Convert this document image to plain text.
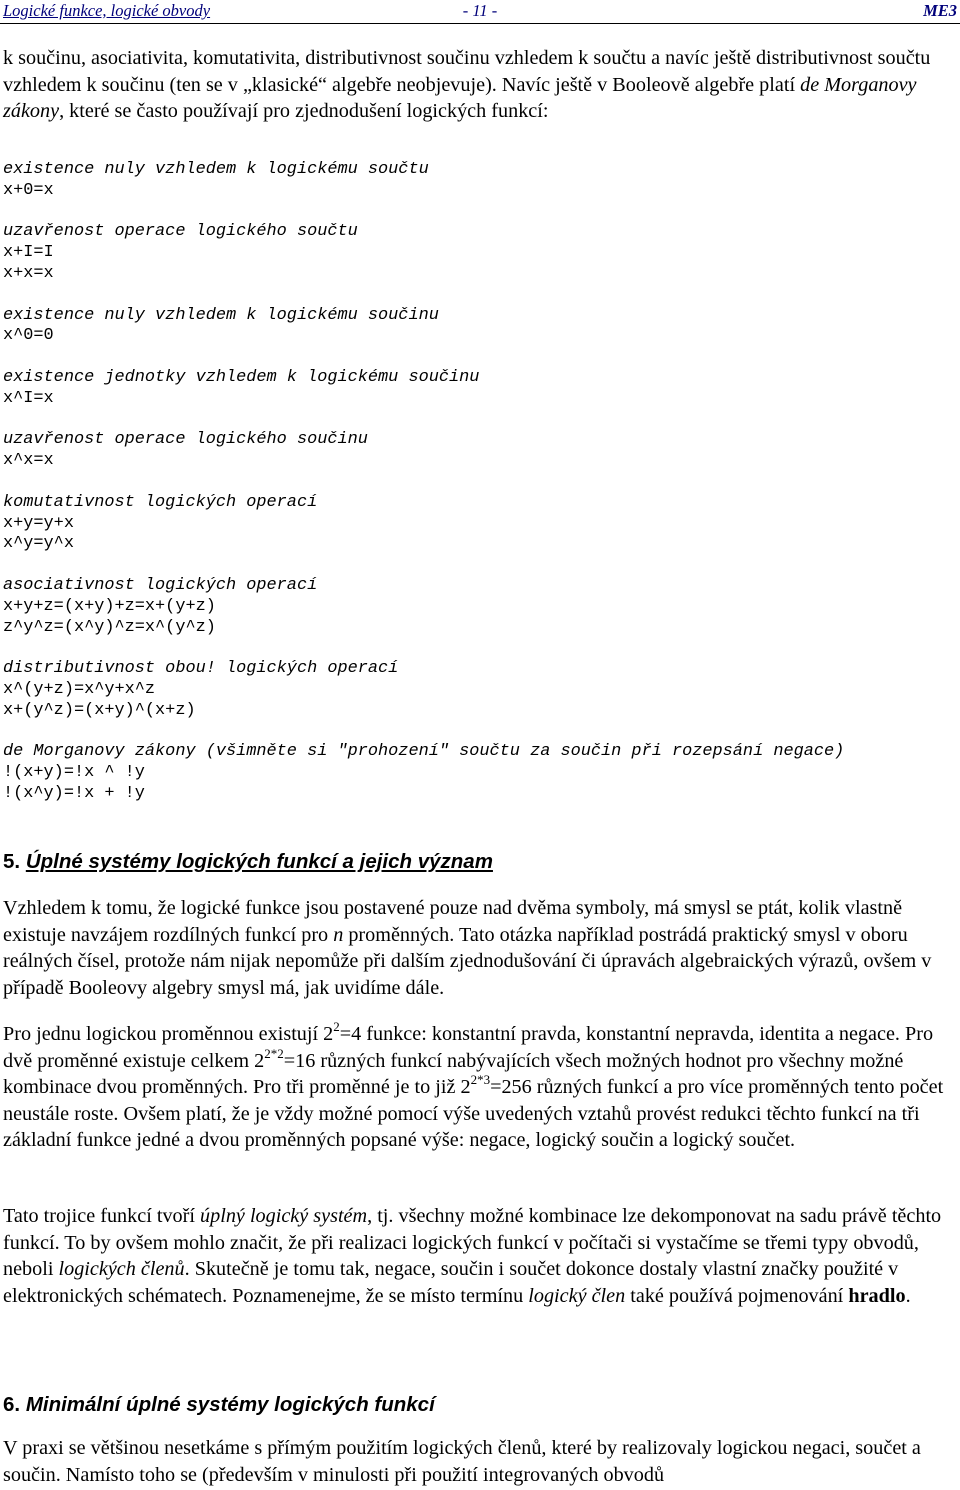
Logické funkce, logické obvody	- 11 -	ME3

k součinu, asociativita, komutativita, distributivnost součinu vzhledem k součtu a navíc ještě distributivnost součtu vzhledem k součinu (ten se v „klasické“ algebře neobjevuje). Navíc ještě v Booleově algebře platí de Morganovy zákony, které se často používají pro zjednodušení logických funkcí:

existence nuly vzhledem k logickému součtu
x+0=x
uzavřenost operace logického součtu
x+I=I
x+x=x
existence nuly vzhledem k logickému součinu
x^0=0
existence jednotky vzhledem k logickému součinu
x^I=x
uzavřenost operace logického součinu
x^x=x
komutativnost logických operací
x+y=y+x
x^y=y^x
asociativnost logických operací
x+y+z=(x+y)+z=x+(y+z)
z^y^z=(x^y)^z=x^(y^z)
distributivnost obou! logických operací
x^(y+z)=x^y+x^z
x+(y^z)=(x+y)^(x+z)
de Morganovy zákony (všimněte si "prohození" součtu za součin při rozepsání negace)
!(x+y)=!x ^ !y
!(x^y)=!x + !y
5. Úplné systémy logických funkcí a jejich význam

Vzhledem k tomu, že logické funkce jsou postavené pouze nad dvěma symboly, má smysl se ptát, kolik vlastně existuje navzájem rozdílných funkcí pro n proměnných. Tato otázka například postrádá praktický smysl v oboru reálných čísel, protože nám nijak nepomůže při dalším zjednodušování či úpravách algebraických výrazů, ovšem v případě Booleovy algebry smysl má, jak uvidíme dále.

Pro jednu logickou proměnnou existují $2^2=4$ funkce: konstantní pravda, konstantní nepravda, identita a negace. Pro dvě proměnné existuje celkem $2^{2*2}=16$ různých funkcí nabývajících všech možných hodnot pro všechny možné kombinace dvou proměnných. Pro tři proměnné je to již $2^{2*3}=256$ různých funkcí a pro více proměnných tento počet neustále roste. Ovšem platí, že je vždy možné pomocí výše uvedených vztahů provést redukci těchto funkcí na tři základní funkce jedné a dvou proměnných popsané výše: negace, logický součin a logický součet.

Tato trojice funkcí tvoří úplný logický systém, tj. všechny možné kombinace lze dekomponovat na sadu právě těchto funkcí. To by ovšem mohlo značit, že při realizaci logických funkcí v počítači si vystačíme se třemi typy obvodů, neboli logických členů. Skutečně je tomu tak, negace, součin i součet dokonce dostaly vlastní značky použité v elektronických schématech. Poznamenejme, že se místo termínu logický člen také používá pojmenování hradlo.

6. Minimální úplné systémy logických funkcí

V praxi se většinou nesetkáme s přímým použitím logických členů, které by realizovaly logickou negaci, součet a součin. Namísto toho se (především v minulosti při použití integrovaných obvodů
